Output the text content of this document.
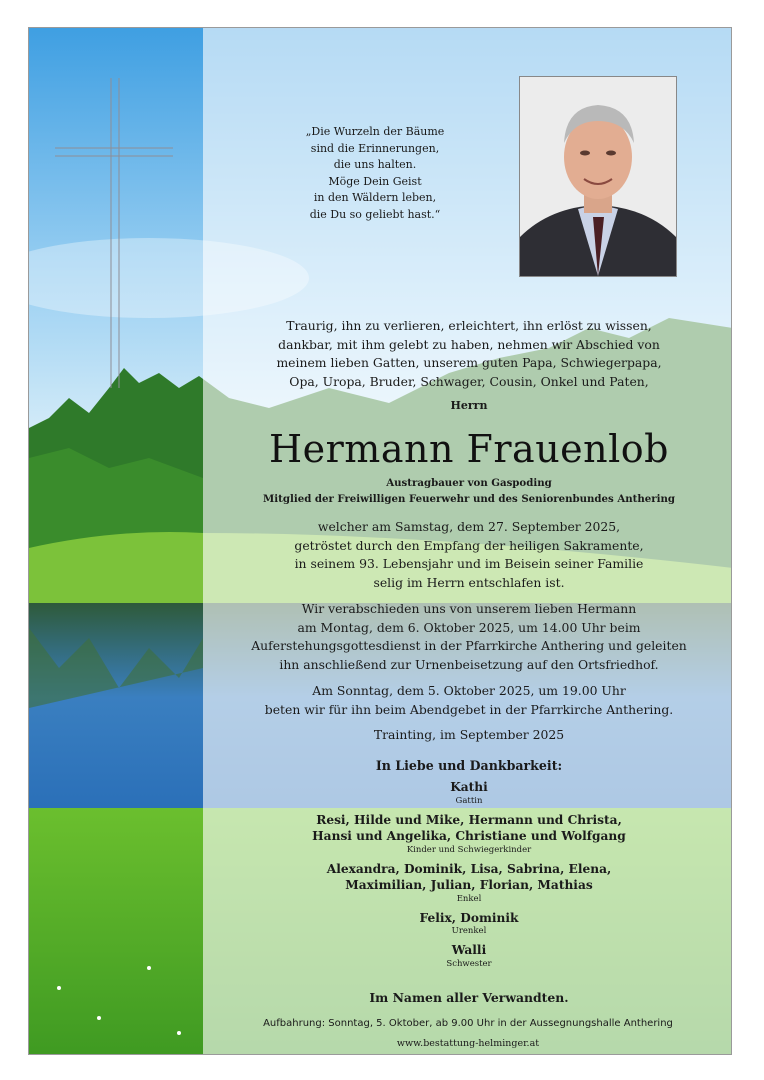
„Die Wurzeln der Bäume
sind die Erinnerungen,
die uns halten.
Möge Dein Geist
in den Wäldern leben,
die Du so geliebt hast.“
Traurig, ihn zu verlieren, erleichtert, ihn erlöst zu wissen,
dankbar, mit ihm gelebt zu haben, nehmen wir Abschied von
meinem lieben Gatten, unserem guten Papa, Schwiegerpapa,
Opa, Uropa, Bruder, Schwager, Cousin, Onkel und Paten,
Herrn
Hermann Frauenlob
Austragbauer von Gaspoding
Mitglied der Freiwilligen Feuerwehr und des Seniorenbundes Anthering
welcher am Samstag, dem 27. September 2025,
getröstet durch den Empfang der heiligen Sakramente,
in seinem 93. Lebensjahr und im Beisein seiner Familie
selig im Herrn entschlafen ist.
Wir verabschieden uns von unserem lieben Hermann
am Montag, dem 6. Oktober 2025, um 14.00 Uhr beim
Auferstehungsgottesdienst in der Pfarrkirche Anthering und geleiten
ihn anschließend zur Urnenbeisetzung auf den Ortsfriedhof.
Am Sonntag, dem 5. Oktober 2025, um 19.00 Uhr
beten wir für ihn beim Abendgebet in der Pfarrkirche Anthering.
Trainting, im September 2025
In Liebe und Dankbarkeit:
Kathi
Gattin
Resi, Hilde und Mike, Hermann und Christa,
Hansi und Angelika, Christiane und Wolfgang
Kinder und Schwiegerkinder
Alexandra, Dominik, Lisa, Sabrina, Elena,
Maximilian, Julian, Florian, Mathias
Enkel
Felix, Dominik
Urenkel
Walli
Schwester
Im Namen aller Verwandten.
Aufbahrung: Sonntag, 5. Oktober, ab 9.00 Uhr in der Aussegnungshalle Anthering
www.bestattung-helminger.at
